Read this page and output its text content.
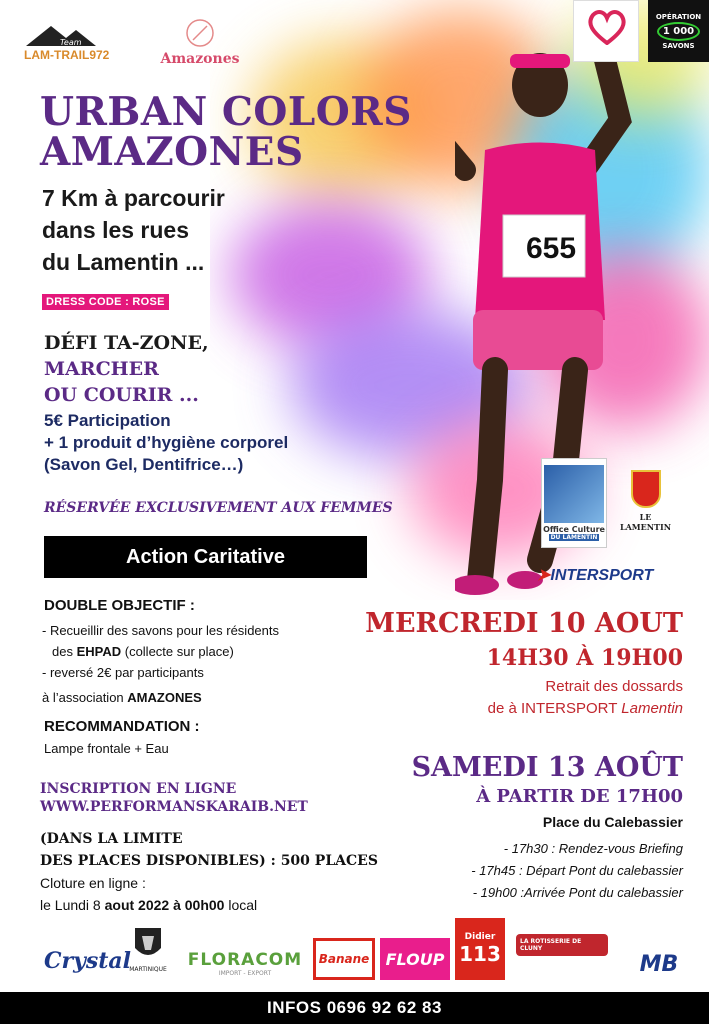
655
Team
LAM-TRAIL972	Amazones
OPÉRATION
1 000
SAVONS
URBAN COLORS
AMAZONES
7 Km à parcourir
dans les rues
du Lamentin ...
DRESS CODE : ROSE
DÉFI TA-ZONE,
MARCHER
OU COURIR ...
5€ Participation
+ 1 produit d’hygiène corporel
(Savon Gel, Dentifrice…)
RÉSERVÉE EXCLUSIVEMENT AUX FEMMES
Office Culture
DU LAMENTIN
LE LAMENTIN
➤INTERSPORT
Action Caritative
DOUBLE OBJECTIF :
- Recueillir des savons pour les résidents
des EHPAD (collecte sur place)
- reversé 2€ par participants
à l’association AMAZONES
RECOMMANDATION :
Lampe frontale + Eau
INSCRIPTION EN LIGNE
WWW.PERFORMANSKARAIB.NET
(DANS LA LIMITE
DES PLACES DISPONIBLES) : 500 PLACES
Cloture en ligne :
le Lundi 8 aout 2022 à 00h00 local
MERCREDI 10 AOUT
14H30 À 19H00
Retrait des dossards
de à INTERSPORT Lamentin
SAMEDI 13 AOÛT
À PARTIR DE 17H00
Place du Calebassier
- 17h30 : Rendez-vous Briefing
- 17h45 : Départ Pont du calebassier
- 19h00 :Arrivée Pont du calebassier
Crystal
MARTINIQUE FLORACOM
IMPORT - EXPORT
Banane	FLOUP
Didier
113
LA ROTISSERIE DE CLUNY
MB
INFOS 0696 92 62 83
